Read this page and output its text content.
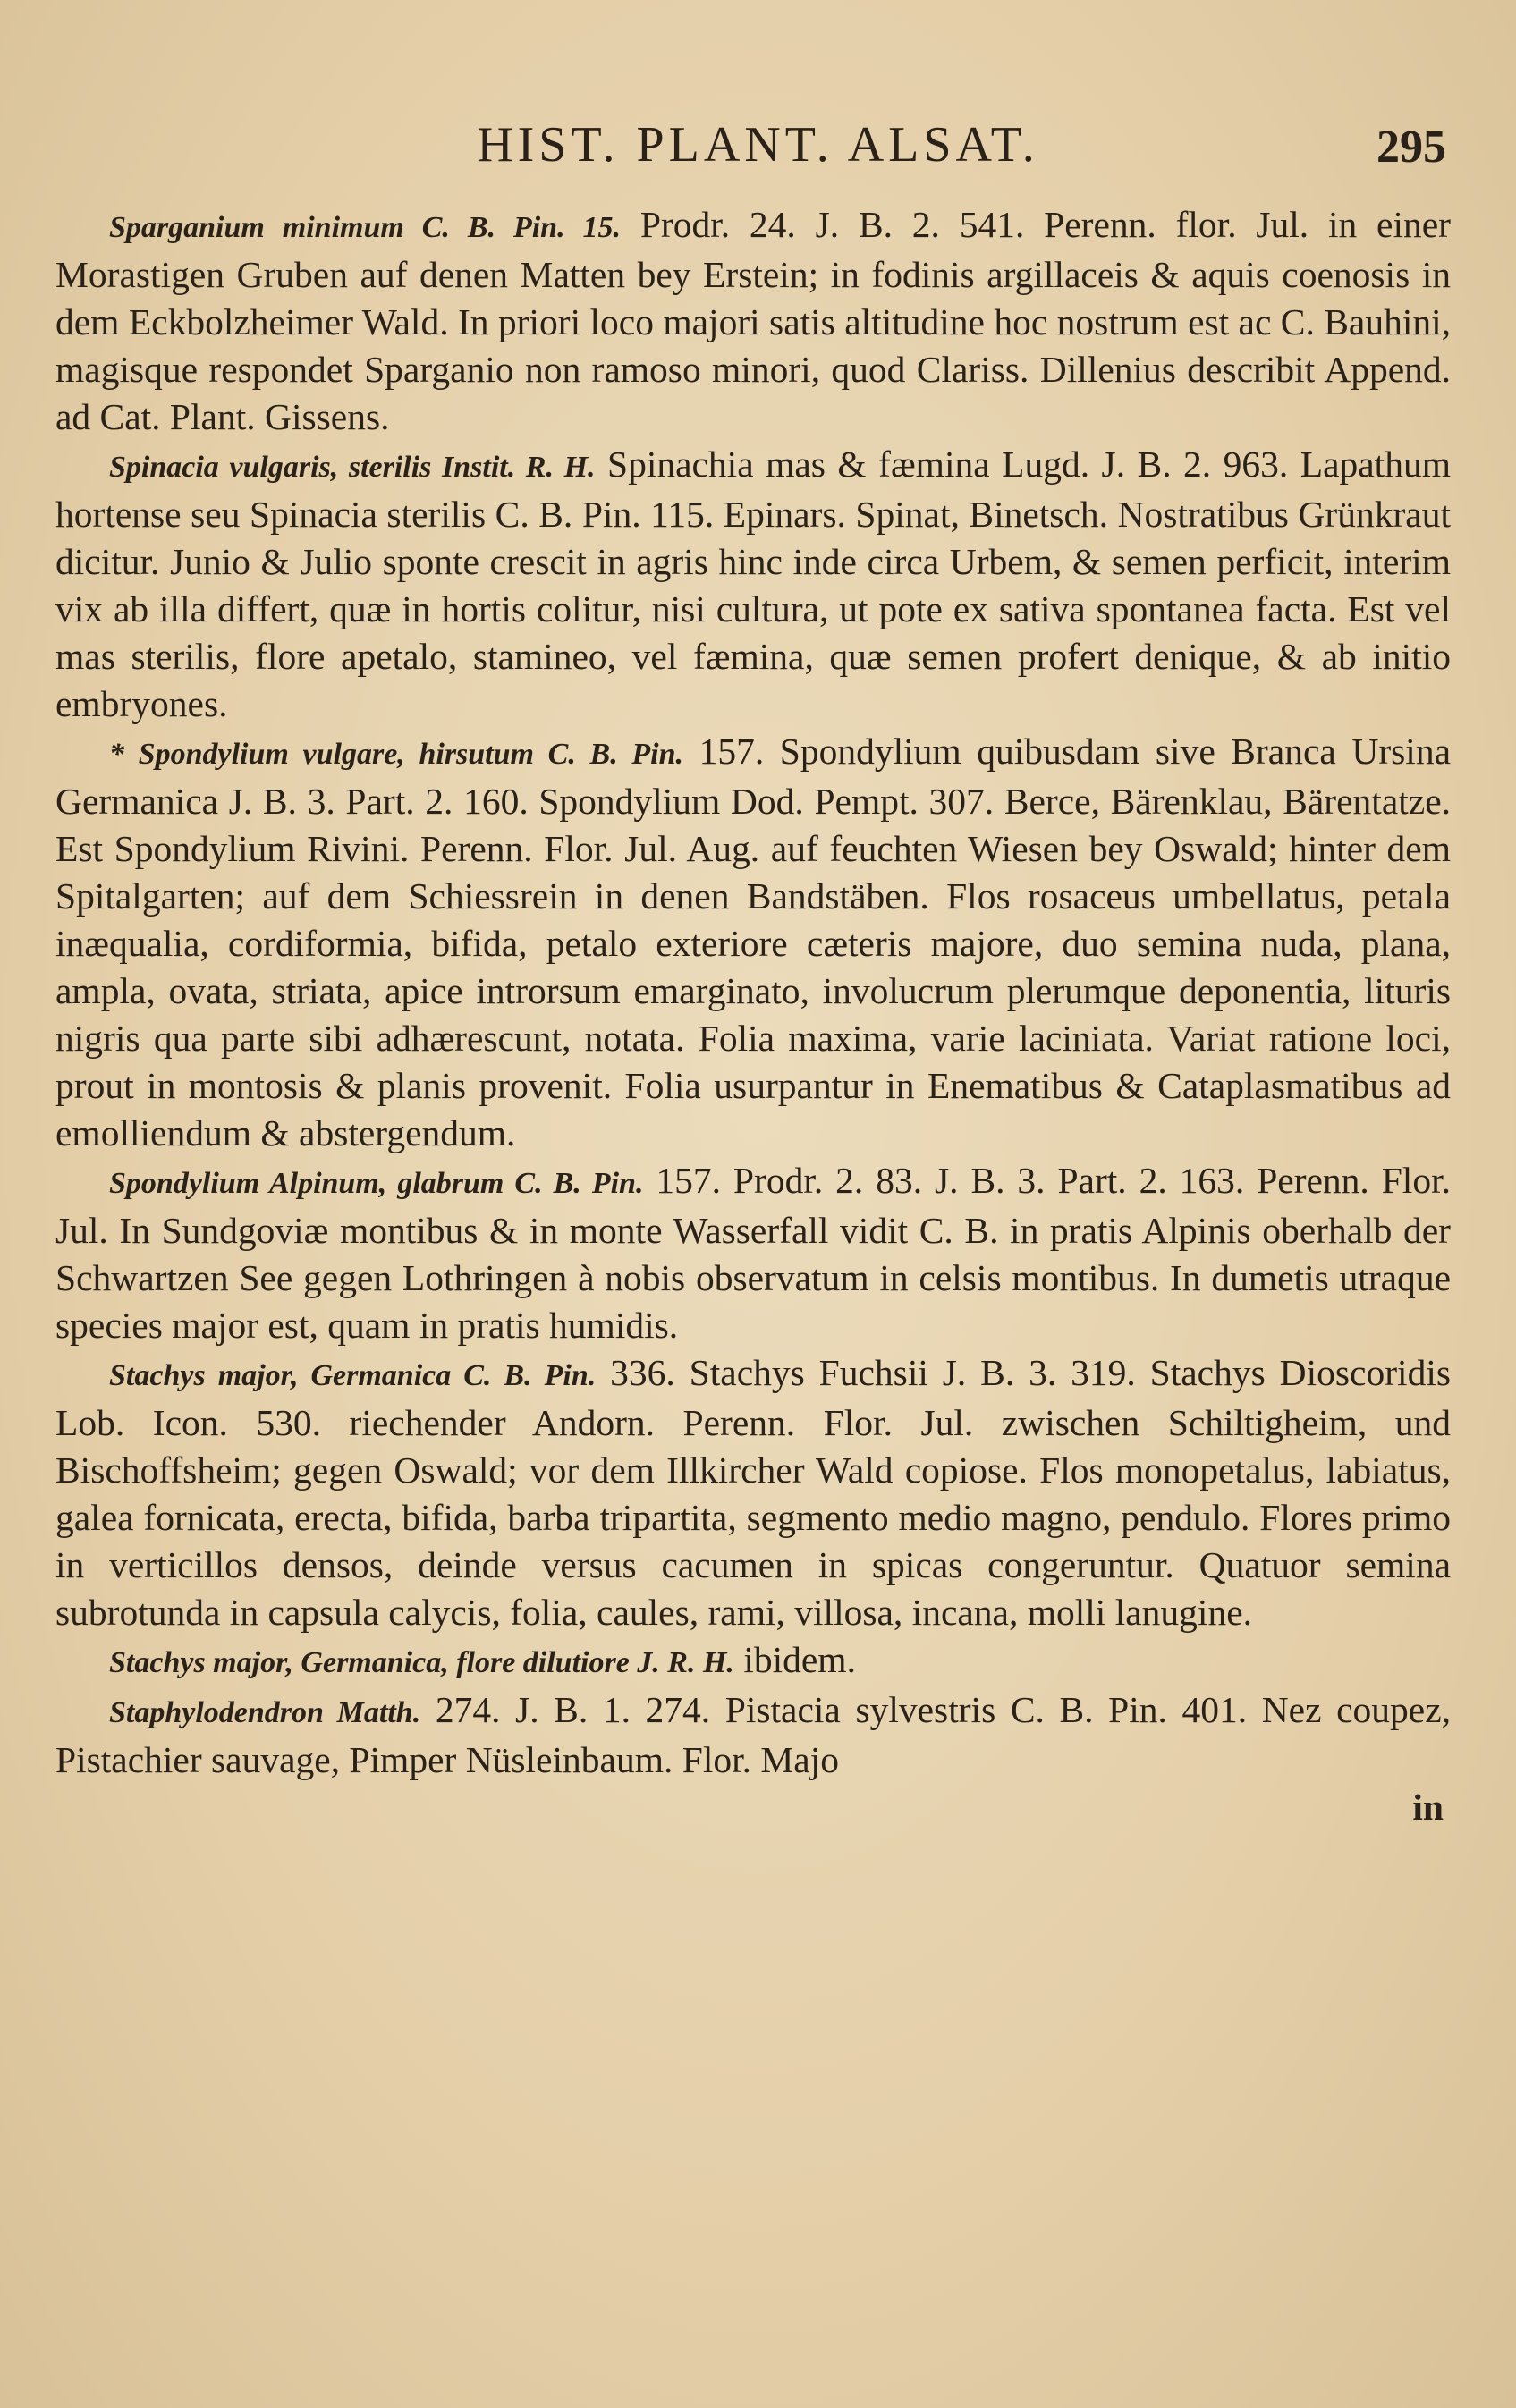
HIST. PLANT. ALSAT.	295

Sparganium minimum C. B. Pin. 15. Prodr. 24. J. B. 2. 541. Perenn. flor. Jul. in einer Morastigen Gruben auf denen Matten bey Erstein; in fodinis argillaceis & aquis coenosis in dem Eckbolzheimer Wald. In priori loco majori satis altitudine hoc nostrum est ac C. Bauhini, magisque respondet Sparganio non ramoso minori, quod Clariss. Dillenius describit Append. ad Cat. Plant. Gissens.

Spinacia vulgaris, sterilis Instit. R. H. Spinachia mas & fæmina Lugd. J. B. 2. 963. Lapathum hortense seu Spinacia sterilis C. B. Pin. 115. Epinars. Spinat, Binetsch. Nostratibus Grünkraut dicitur. Junio & Julio sponte crescit in agris hinc inde circa Urbem, & semen perficit, interim vix ab illa differt, quæ in hortis colitur, nisi cultura, ut pote ex sativa spontanea facta. Est vel mas sterilis, flore apetalo, stamineo, vel fæmina, quæ semen profert denique, & ab initio embryones.

* Spondylium vulgare, hirsutum C. B. Pin. 157. Spondylium quibusdam sive Branca Ursina Germanica J. B. 3. Part. 2. 160. Spondylium Dod. Pempt. 307. Berce, Bärenklau, Bärentatze. Est Spondylium Rivini. Perenn. Flor. Jul. Aug. auf feuchten Wiesen bey Oswald; hinter dem Spitalgarten; auf dem Schiessrein in denen Bandstäben. Flos rosaceus umbellatus, petala inæqualia, cordiformia, bifida, petalo exteriore cæteris majore, duo semina nuda, plana, ampla, ovata, striata, apice introrsum emarginato, involucrum plerumque deponentia, lituris nigris qua parte sibi adhærescunt, notata. Folia maxima, varie laciniata. Variat ratione loci, prout in montosis & planis provenit. Folia usurpantur in Enematibus & Cataplasmatibus ad emolliendum & abstergendum.

Spondylium Alpinum, glabrum C. B. Pin. 157. Prodr. 2. 83. J. B. 3. Part. 2. 163. Perenn. Flor. Jul. In Sundgoviæ montibus & in monte Wasserfall vidit C. B. in pratis Alpinis oberhalb der Schwartzen See gegen Lothringen à nobis observatum in celsis montibus. In dumetis utraque species major est, quam in pratis humidis.

Stachys major, Germanica C. B. Pin. 336. Stachys Fuchsii J. B. 3. 319. Stachys Dioscoridis Lob. Icon. 530. riechender Andorn. Perenn. Flor. Jul. zwischen Schiltigheim, und Bischoffsheim; gegen Oswald; vor dem Illkircher Wald copiose. Flos monopetalus, labiatus, galea fornicata, erecta, bifida, barba tripartita, segmento medio magno, pendulo. Flores primo in verticillos densos, deinde versus cacumen in spicas congeruntur. Quatuor semina subrotunda in capsula calycis, folia, caules, rami, villosa, incana, molli lanugine.

Stachys major, Germanica, flore dilutiore J. R. H. ibidem.

Staphylodendron Matth. 274. J. B. 1. 274. Pistacia sylvestris C. B. Pin. 401. Nez coupez, Pistachier sauvage, Pimper Nüsleinbaum. Flor. Majo

in
